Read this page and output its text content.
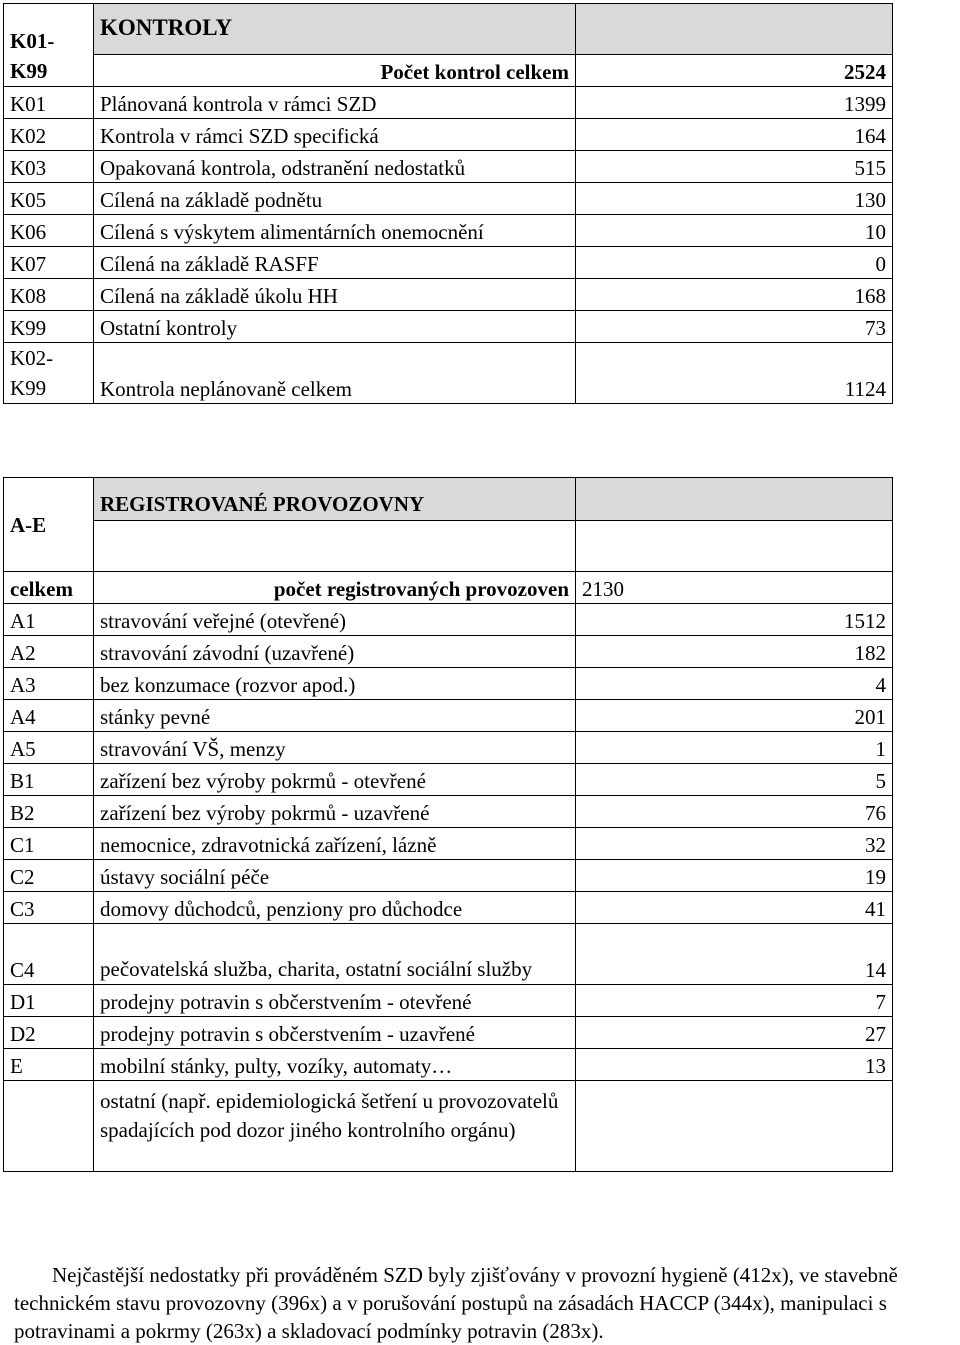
K01-
K99	KONTROLY	
	Počet kontrol celkem	2524
K01	Plánovaná kontrola v rámci SZD	1399
K02	Kontrola v rámci SZD specifická	164
K03	Opakovaná kontrola, odstranění nedostatků	515
K05	Cílená na základě podnětu	130
K06	Cílená s výskytem alimentárních onemocnění	10
K07	Cílená na základě RASFF	0
K08	Cílená na základě úkolu HH	168
K99	Ostatní kontroly	73
K02-
K99	Kontrola neplánovaně celkem	1124
A-E	REGISTROVANÉ PROVOZOVNY	

celkem	počet registrovaných provozoven	2130
A1	stravování veřejné (otevřené)	1512
A2	stravování závodní (uzavřené)	182
A3	bez konzumace (rozvor apod.)	4
A4	stánky pevné	201
A5	stravování VŠ, menzy	1
B1	zařízení bez výroby pokrmů - otevřené	5
B2	zařízení bez výroby pokrmů - uzavřené	76
C1	nemocnice, zdravotnická zařízení, lázně	32
C2	ústavy sociální péče	19
C3	domovy důchodců, penziony pro důchodce	41
C4	pečovatelská služba, charita, ostatní sociální služby	14
D1	prodejny potravin s občerstvením - otevřené	7
D2	prodejny potravin s občerstvením - uzavřené	27
E	mobilní stánky, pulty, vozíky, automaty…	13
	ostatní (např. epidemiologická šetření u provozovatelů spadajících pod dozor jiného kontrolního orgánu)	

Nejčastější nedostatky při prováděném SZD byly zjišťovány v provozní hygieně (412x), ve stavebně technickém stavu provozovny (396x) a v porušování postupů na zásadách HACCP (344x), manipulaci s potravinami a pokrmy (263x) a skladovací podmínky potravin (283x).
